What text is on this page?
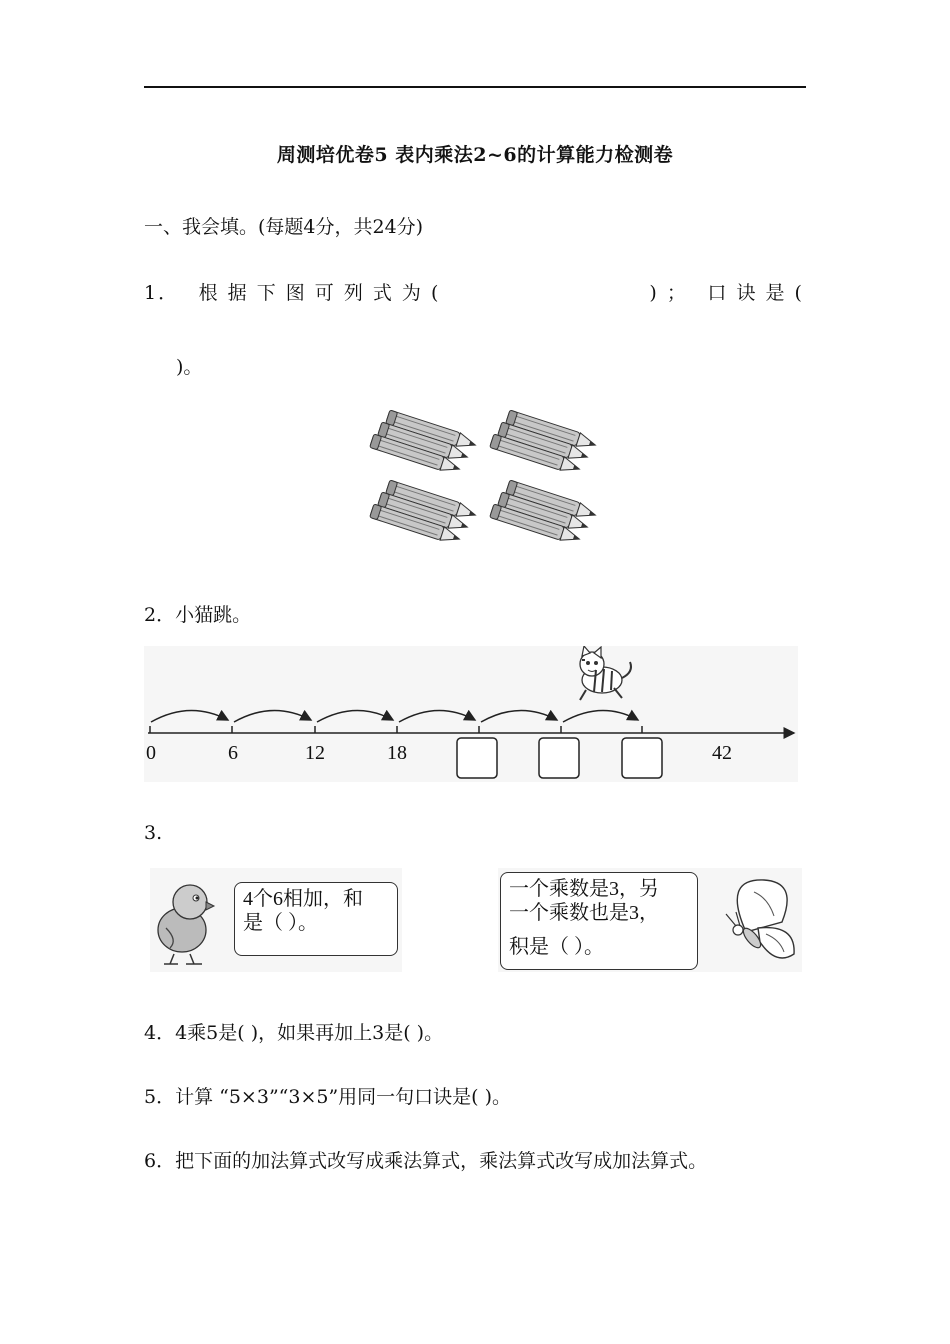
周测培优卷5 表内乘法2~6的计算能力检测卷
一、我会填。(每题4分，共24分)
1． 根 据 下 图 可 列 式 为 (	) ； 口 诀 是 (
)。
2．小猫跳。
0	6	12	18	42
3.
4个6相加，和
是（ ）。
一个乘数是3，另
一个乘数也是3，
积是（ ）。
4．4乘5是( )，如果再加上3是( )。
5．计算 “5×3”“3×5”用同一句口诀是( )。
6．把下面的加法算式改写成乘法算式，乘法算式改写成加法算式。
